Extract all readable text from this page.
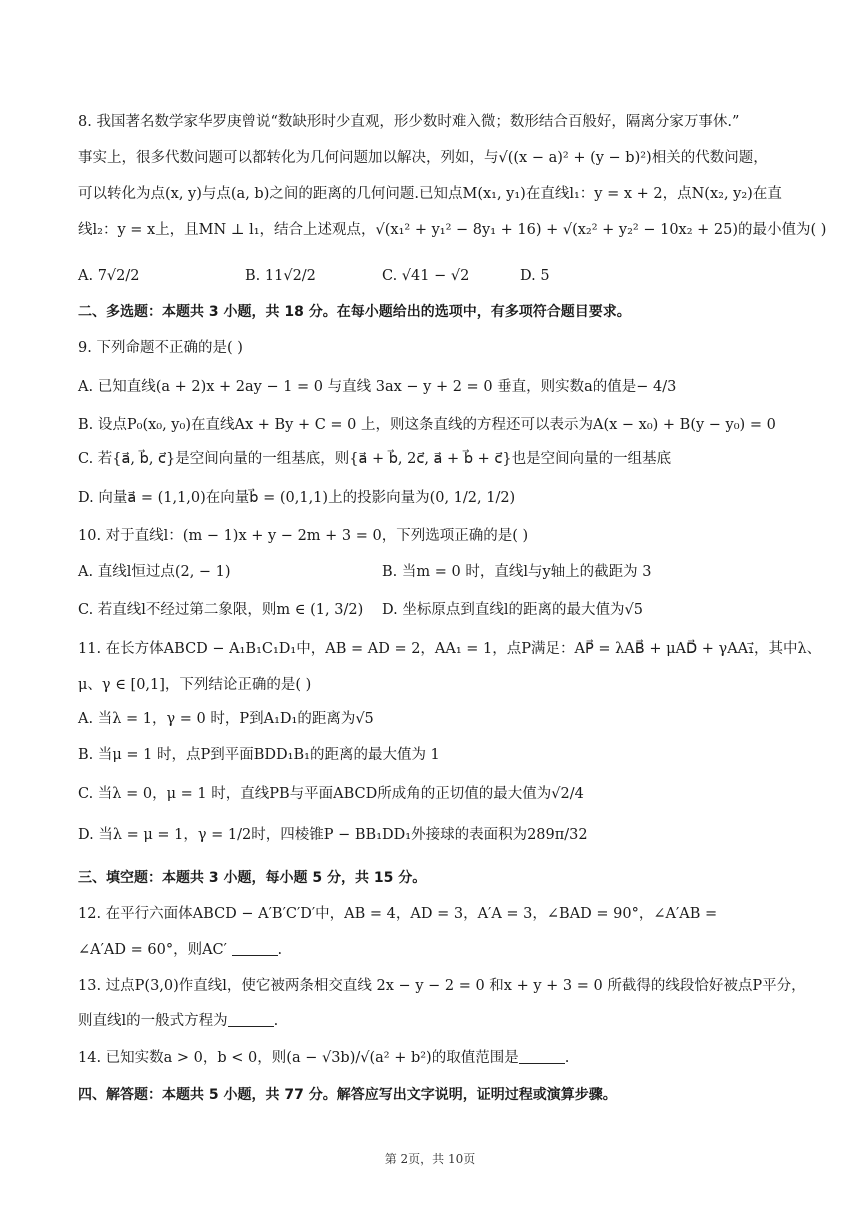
8. 我国著名数学家华罗庚曾说“数缺形时少直观，形少数时难入微；数形结合百般好，隔离分家万事休.”
事实上，很多代数问题可以都转化为几何问题加以解决，列如，与√((x − a)² + (y − b)²)相关的代数问题，
可以转化为点(x, y)与点(a, b)之间的距离的几何问题.已知点M(x₁, y₁)在直线l₁：y = x + 2，点N(x₂, y₂)在直
线l₂：y = x上，且MN ⊥ l₁，结合上述观点，√(x₁² + y₁² − 8y₁ + 16) + √(x₂² + y₂² − 10x₂ + 25)的最小值为( )
A. 7√2/2	B. 11√2/2	C. √41 − √2	D. 5
二、多选题：本题共 3 小题，共 18 分。在每小题给出的选项中，有多项符合题目要求。
9. 下列命题不正确的是( )
A. 已知直线(a + 2)x + 2ay − 1 = 0 与直线 3ax − y + 2 = 0 垂直，则实数a的值是− 4/3
B. 设点P₀(x₀, y₀)在直线Ax + By + C = 0 上，则这条直线的方程还可以表示为A(x − x₀) + B(y − y₀) = 0
C. 若{a⃗, b⃗, c⃗}是空间向量的一组基底，则{a⃗ + b⃗, 2c⃗, a⃗ + b⃗ + c⃗}也是空间向量的一组基底
D. 向量a⃗ = (1,1,0)在向量b⃗ = (0,1,1)上的投影向量为(0, 1/2, 1/2)
10. 对于直线l：(m − 1)x + y − 2m + 3 = 0，下列选项正确的是( )
A. 直线l恒过点(2, − 1)	B. 当m = 0 时，直线l与y轴上的截距为 3
C. 若直线l不经过第二象限，则m ∈ (1, 3/2) D. 坐标原点到直线l的距离的最大值为√5
11. 在长方体ABCD − A₁B₁C₁D₁中，AB = AD = 2，AA₁ = 1，点P满足：AP⃗ = λAB⃗ + μAD⃗ + γAA₁⃗，其中λ、
μ、γ ∈ [0,1]，下列结论正确的是( )
A. 当λ = 1，γ = 0 时，P到A₁D₁的距离为√5
B. 当μ = 1 时，点P到平面BDD₁B₁的距离的最大值为 1
C. 当λ = 0，μ = 1 时，直线PB与平面ABCD所成角的正切值的最大值为√2/4
D. 当λ = μ = 1，γ = 1/2时，四棱锥P − BB₁DD₁外接球的表面积为289π/32
三、填空题：本题共 3 小题，每小题 5 分，共 15 分。
12. 在平行六面体ABCD − A′B′C′D′中，AB = 4，AD = 3，A′A = 3，∠BAD = 90°，∠A′AB =
∠A′AD = 60°，则AC′	.
13. 过点P(3,0)作直线l，使它被两条相交直线 2x − y − 2 = 0 和x + y + 3 = 0 所截得的线段恰好被点P平分，
则直线l的一般式方程为	.
14. 已知实数a > 0，b < 0，则(a − √3b)/√(a² + b²)的取值范围是	.
四、解答题：本题共 5 小题，共 77 分。解答应写出文字说明，证明过程或演算步骤。
第 2页，共 10页
